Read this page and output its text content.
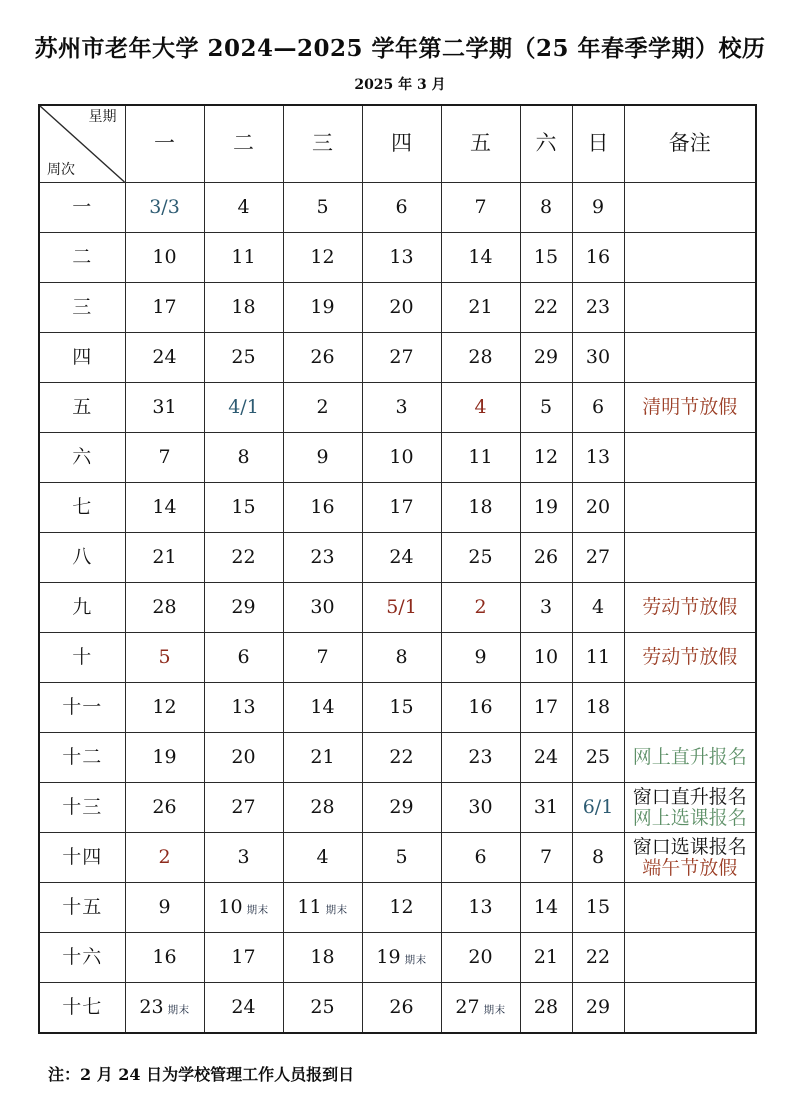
苏州市老年大学 2024—2025 学年第二学期（25 年春季学期）校历
2025 年 3 月
星期
周次	一	二	三	四	五	六	日	备注
一	3/3	4	5	6	7	8	9	

二	10	11	12	13	14	15	16	

三	17	18	19	20	21	22	23	

四	24	25	26	27	28	29	30	

五	31	4/1	2	3	4	5	6	清明节放假

六	7	8	9	10	11	12	13	

七	14	15	16	17	18	19	20	

八	21	22	23	24	25	26	27	

九	28	29	30	5/1	2	3	4	劳动节放假

十	5	6	7	8	9	10	11	劳动节放假

十一	12	13	14	15	16	17	18	

十二	19	20	21	22	23	24	25	网上直升报名

十三	26	27	28	29	30	31	6/1	窗口直升报名
网上选课报名

十四	2	3	4	5	6	7	8	窗口选课报名
端午节放假

十五	9	10 期末	11 期末	12	13	14	15	

十六	16	17	18	19 期末	20	21	22	

十七	23 期末	24	25	26	27 期末	28	29	

注：2 月 24 日为学校管理工作人员报到日
